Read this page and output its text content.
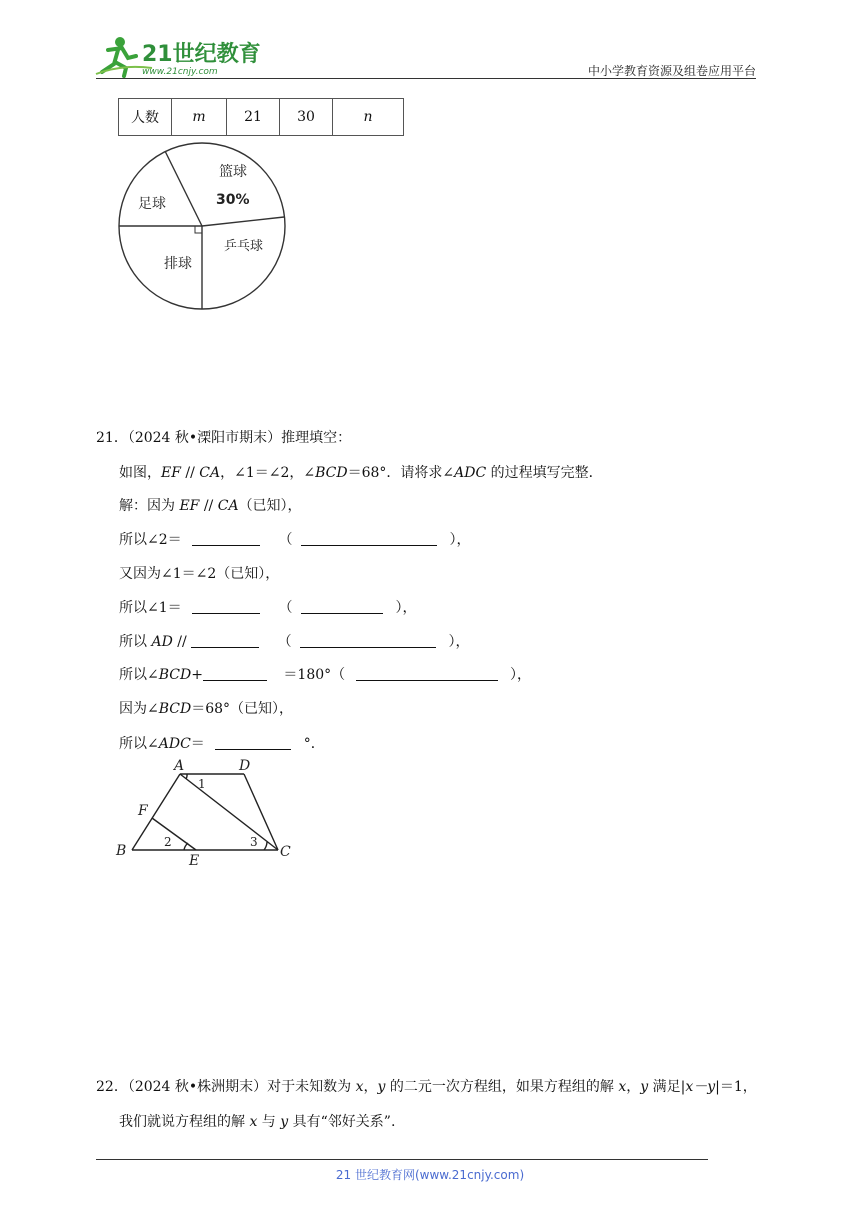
21世纪教育
www.21cnjy.com	中小学教育资源及组卷应用平台
人数	m	21	30	n
篮球
30%
足球
乒乓球
排球
21．（2024 秋•溧阳市期末）推理填空：
如图，EF // CA，∠1＝∠2，∠BCD＝68°．请将求∠ADC 的过程填写完整．
解：因为 EF // CA（已知），
所以∠2＝	（	），
又因为∠1＝∠2（已知），
所以∠1＝	（	），
所以 AD //	（	），
所以∠BCD+	＝180°（	），
因为∠BCD＝68°（已知），
所以∠ADC＝	°．
A	D
F
B
E
C
1
2	3
22．（2024 秋•株洲期末）对于未知数为 x，y 的二元一次方程组，如果方程组的解 x，y 满足|x－y|＝1，
我们就说方程组的解 x 与 y 具有“邻好关系”.
21 世纪教育网(www.21cnjy.com)
